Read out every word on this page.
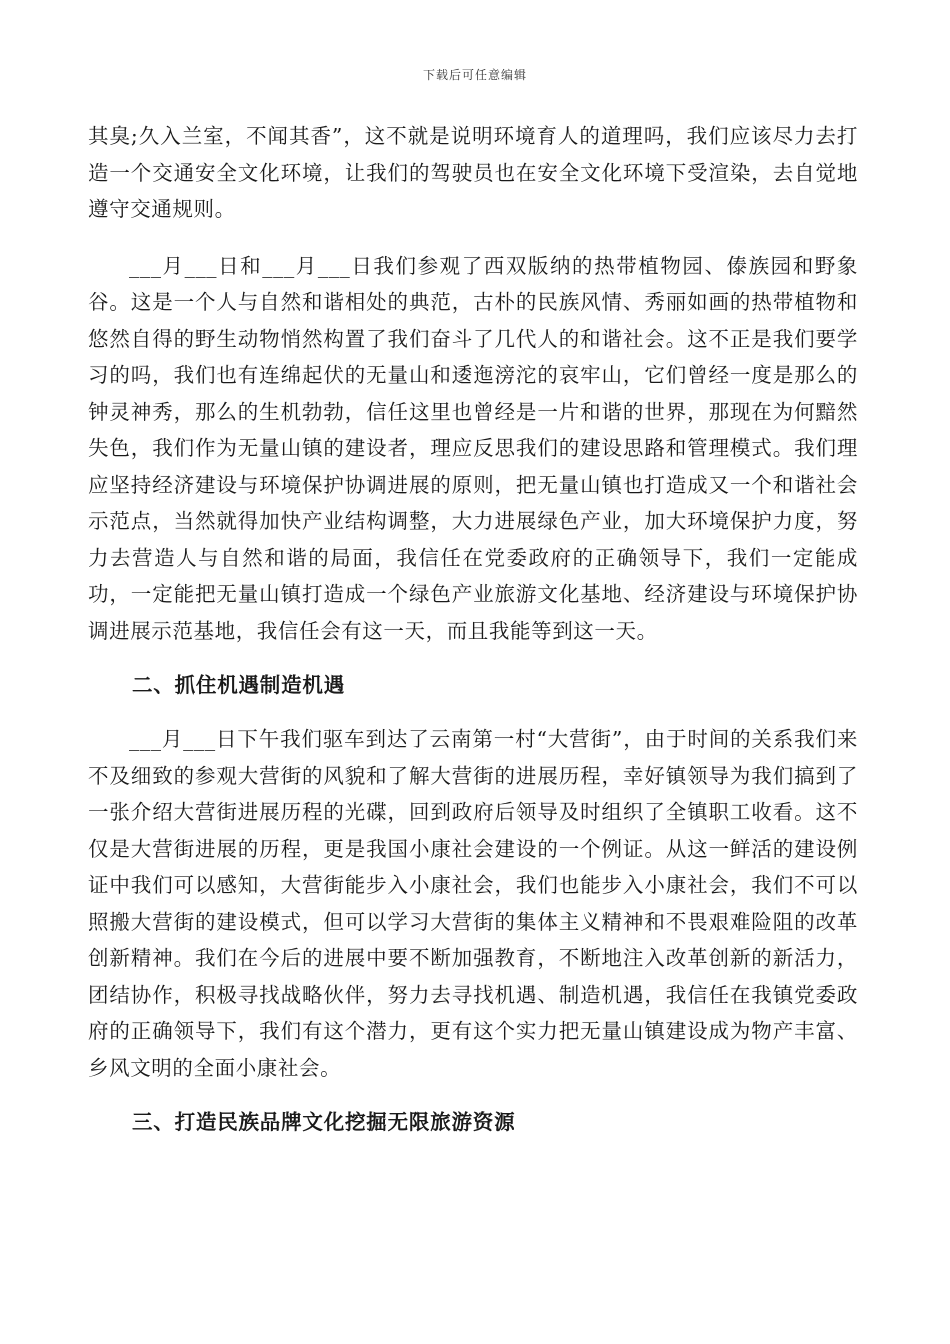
下载后可任意编辑

其臭;久入兰室，不闻其香”，这不就是说明环境育人的道理吗，我们应该尽力去打造一个交通安全文化环境，让我们的驾驶员也在安全文化环境下受渲染，去自觉地遵守交通规则。

___月___日和___月___日我们参观了西双版纳的热带植物园、傣族园和野象谷。这是一个人与自然和谐相处的典范，古朴的民族风情、秀丽如画的热带植物和悠然自得的野生动物悄然构置了我们奋斗了几代人的和谐社会。这不正是我们要学习的吗，我们也有连绵起伏的无量山和逶迤滂沱的哀牢山，它们曾经一度是那么的钟灵神秀，那么的生机勃勃，信任这里也曾经是一片和谐的世界，那现在为何黯然失色，我们作为无量山镇的建设者，理应反思我们的建设思路和管理模式。我们理应坚持经济建设与环境保护协调进展的原则，把无量山镇也打造成又一个和谐社会示范点，当然就得加快产业结构调整，大力进展绿色产业，加大环境保护力度，努力去营造人与自然和谐的局面，我信任在党委政府的正确领导下，我们一定能成功，一定能把无量山镇打造成一个绿色产业旅游文化基地、经济建设与环境保护协调进展示范基地，我信任会有这一天，而且我能等到这一天。

二、抓住机遇制造机遇

___月___日下午我们驱车到达了云南第一村“大营街”，由于时间的关系我们来不及细致的参观大营街的风貌和了解大营街的进展历程，幸好镇领导为我们搞到了一张介绍大营街进展历程的光碟，回到政府后领导及时组织了全镇职工收看。这不仅是大营街进展的历程，更是我国小康社会建设的一个例证。从这一鲜活的建设例证中我们可以感知，大营街能步入小康社会，我们也能步入小康社会，我们不可以照搬大营街的建设模式，但可以学习大营街的集体主义精神和不畏艰难险阻的改革创新精神。我们在今后的进展中要不断加强教育，不断地注入改革创新的新活力，团结协作，积极寻找战略伙伴，努力去寻找机遇、制造机遇，我信任在我镇党委政府的正确领导下，我们有这个潜力，更有这个实力把无量山镇建设成为物产丰富、乡风文明的全面小康社会。

三、打造民族品牌文化挖掘无限旅游资源
